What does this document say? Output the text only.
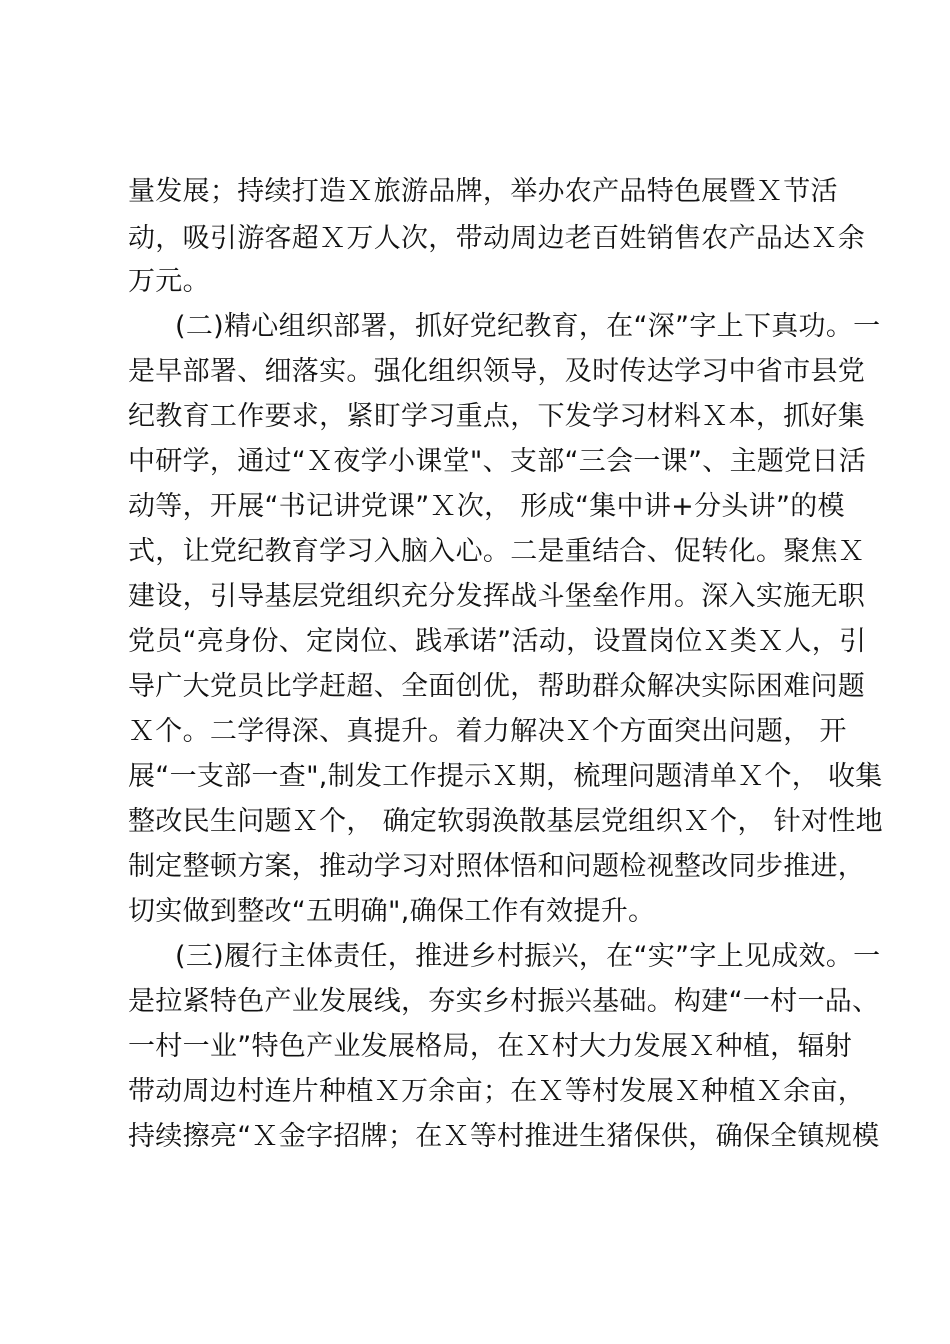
量发展；持续打造Ｘ旅游品牌，举办农产品特色展暨Ｘ节活
动，吸引游客超Ｘ万人次，带动周边老百姓销售农产品达Ｘ余
万元。
(二)精心组织部署，抓好党纪教育，在“深”字上下真功。一
是早部署、细落实。强化组织领导，及时传达学习中省市县党
纪教育工作要求，紧盯学习重点，下发学习材料Ｘ本，抓好集
中研学，通过“Ｘ夜学小课堂"、支部“三会一课”、主题党日活
动等，开展“书记讲党课”Ｘ次， 形成“集中讲+分头讲”的模
式，让党纪教育学习入脑入心。二是重结合、促转化。聚焦Ｘ
建设，引导基层党组织充分发挥战斗堡垒作用。深入实施无职
党员“亮身份、定岗位、践承诺”活动，设置岗位Ｘ类Ｘ人，引
导广大党员比学赶超、全面创优，帮助群众解决实际困难问题
Ｘ个。二学得深、真提升。着力解决Ｘ个方面突出问题， 开
展“一支部一查",制发工作提示Ｘ期，梳理问题清单Ｘ个， 收集
整改民生问题Ｘ个， 确定软弱涣散基层党组织Ｘ个， 针对性地
制定整顿方案，推动学习对照体悟和问题检视整改同步推进，
切实做到整改“五明确",确保工作有效提升。
(三)履行主体责任，推进乡村振兴，在“实”字上见成效。一
是拉紧特色产业发展线，夯实乡村振兴基础。构建“一村一品、
一村一业”特色产业发展格局，在Ｘ村大力发展Ｘ种植，辐射
带动周边村连片种植Ｘ万余亩；在Ｘ等村发展Ｘ种植Ｘ余亩，
持续擦亮“Ｘ金字招牌；在Ｘ等村推进生猪保供，确保全镇规模
